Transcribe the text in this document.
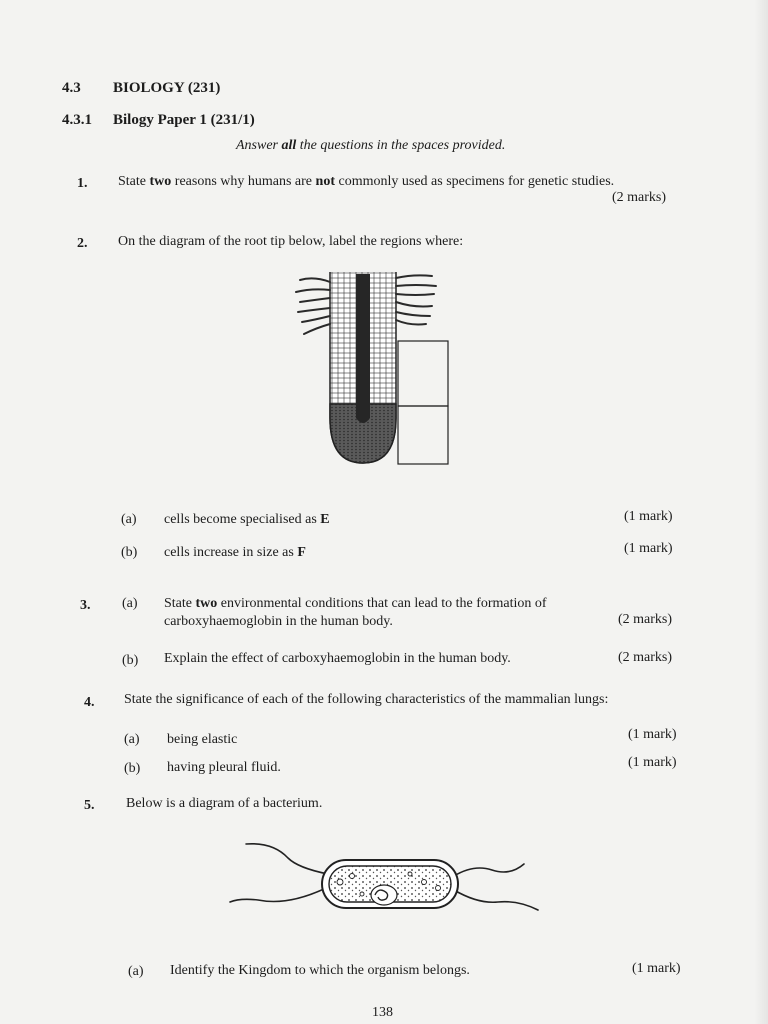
4.3 BIOLOGY (231)
4.3.1 Bilogy Paper 1 (231/1)
Answer all the questions in the spaces provided.
1. State two reasons why humans are not commonly used as specimens for genetic studies.
(2 marks)
2. On the diagram of the root tip below, label the regions where:
(a) cells become specialised as E	(1 mark)
(b) cells increase in size as F	(1 mark)
3. (a) State two environmental conditions that can lead to the formation of
carboxyhaemoglobin in the human body.	(2 marks)
(b) Explain the effect of carboxyhaemoglobin in the human body.	(2 marks)
4. State the significance of each of the following characteristics of the mammalian lungs:
(a) being elastic	(1 mark)
(b) having pleural fluid.	(1 mark)
5. Below is a diagram of a bacterium.
(a) Identify the Kingdom to which the organism belongs.	(1 mark)
138
